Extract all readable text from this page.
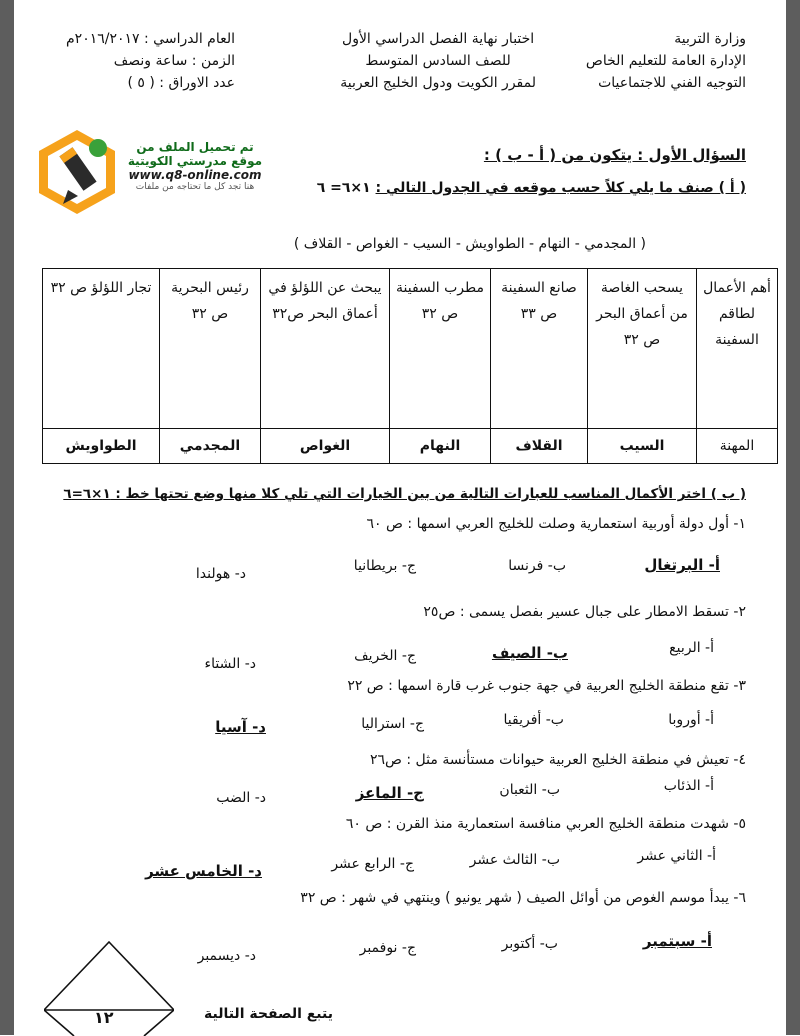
وزارة التربية
الإدارة العامة للتعليم الخاص
التوجيه الفني للاجتماعيات
اختبار نهاية الفصل الدراسي الأول
للصف السادس المتوسط
لمقرر الكويت ودول الخليج العربية
العام الدراسي : ٢٠١٦/٢٠١٧م
الزمن : ساعة ونصف
عدد الاوراق : ( ٥ )
تم تحميل الملف من
موقع مدرستي الكويتية
www.q8-online.com
هنا تجد كل ما تحتاجه من ملفات
السؤال الأول : يتكون من ( أ - ب ) :
( أ ) صنف ما يلي كلاً حسب موقعه في الجدول التالي : ١×٦= ٦
( المجدمي - النهام - الطواويش - السيب - الغواص - القلاف )
أهم الأعمال لطاقم السفينة	يسحب الغاصة من أعماق البحر ص ٣٢	صانع السفينة ص ٣٣	مطرب السفينة ص ٣٢	يبحث عن اللؤلؤ في أعماق البحر ص٣٢	رئيس البحرية ص ٣٢	تجار اللؤلؤ ص ٣٢
المهنة	السيب	القلاف	النهام	الغواص	المجدمي	الطواويش
( ب ) اختر الأكمال المناسب للعبارات التالية من بين الخيارات التي تلي كلا منها وضع تحتها خط : ١×٦=٦
١- أول دولة أوربية استعمارية وصلت للخليج العربي اسمها : ص ٦٠
أ- البرتغال
ب- فرنسا
ج- بريطانيا
د- هولندا
٢- تسقط الامطار على جبال عسير بفصل يسمى : ص٢٥
أ- الربيع
ب- الصيف
ج- الخريف
د- الشتاء
٣- تقع منطقة الخليج العربية في جهة جنوب غرب قارة اسمها : ص ٢٢
أ- أوروبا
ب- أفريقيا
ج- استراليا
د- آسيا
٤- تعيش في منطقة الخليج العربية حيوانات مستأنسة مثل : ص٢٦
أ- الذئاب
ب- الثعبان
ج- الماعز
د- الضب
٥- شهدت منطقة الخليج العربي منافسة استعمارية منذ القرن : ص ٦٠
أ- الثاني عشر
ب- الثالث عشر
ج- الرابع عشر
د- الخامس عشر
٦- يبدأ موسم الغوص من أوائل الصيف ( شهر يونيو ) وينتهي في شهر : ص ٣٢
أ- سبتمبر
ب- أكتوبر
ج- نوفمبر
د- ديسمبر
١٢	يتبع الصفحة التالية
